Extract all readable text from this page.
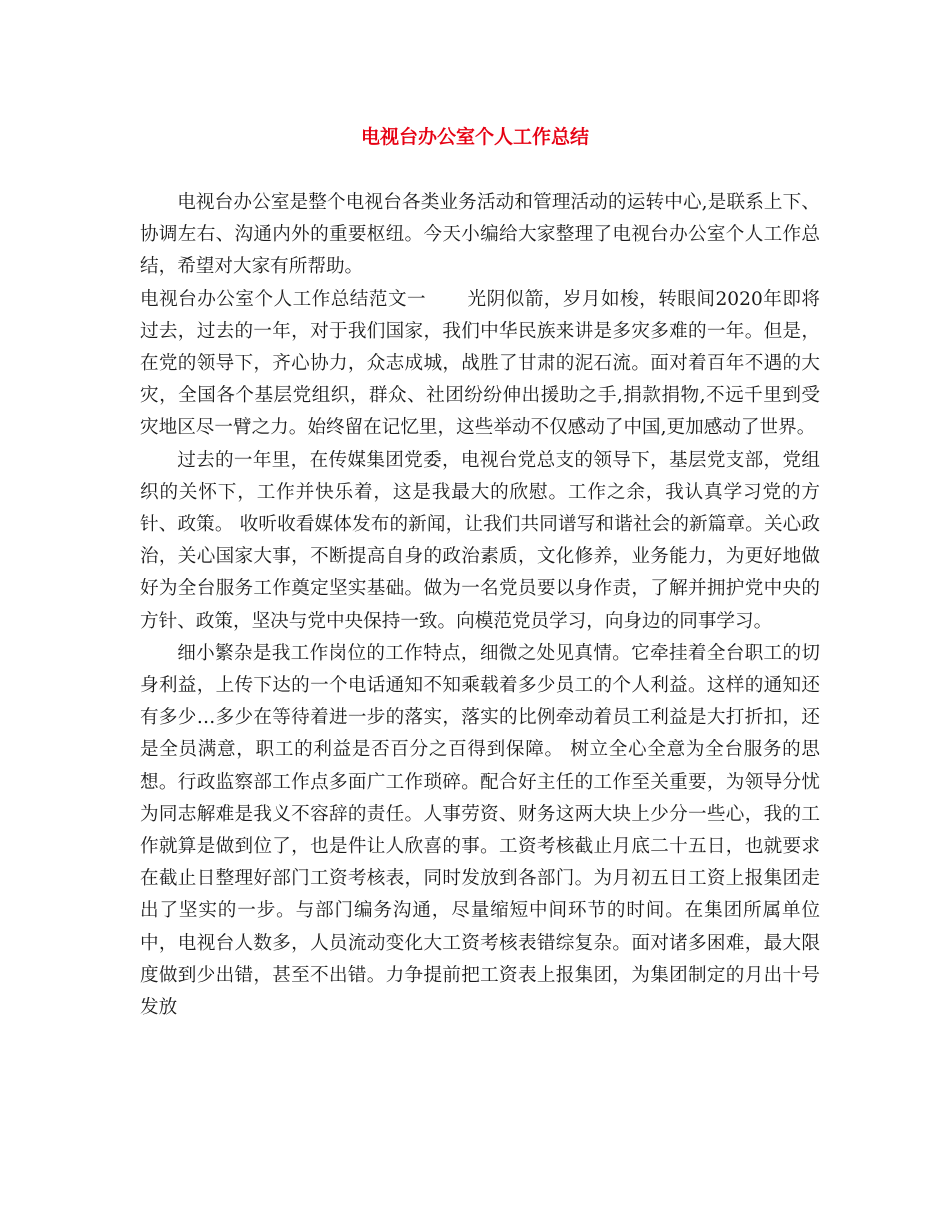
电视台办公室个人工作总结

电视台办公室是整个电视台各类业务活动和管理活动的运转中心,是联系上下、协调左右、沟通内外的重要枢纽。今天小编给大家整理了电视台办公室个人工作总结，希望对大家有所帮助。

电视台办公室个人工作总结范文一 光阴似箭，岁月如梭，转眼间2020年即将过去，过去的一年，对于我们国家，我们中华民族来讲是多灾多难的一年。但是，在党的领导下，齐心协力，众志成城，战胜了甘肃的泥石流。面对着百年不遇的大灾，全国各个基层党组织，群众、社团纷纷伸出援助之手,捐款捐物,不远千里到受灾地区尽一臂之力。始终留在记忆里，这些举动不仅感动了中国,更加感动了世界。

过去的一年里，在传媒集团党委，电视台党总支的领导下，基层党支部，党组织的关怀下，工作并快乐着，这是我最大的欣慰。工作之余，我认真学习党的方针、政策。 收听收看媒体发布的新闻，让我们共同谱写和谐社会的新篇章。关心政治，关心国家大事，不断提高自身的政治素质，文化修养，业务能力，为更好地做好为全台服务工作奠定坚实基础。做为一名党员要以身作责，了解并拥护党中央的方针、政策，坚决与党中央保持一致。向模范党员学习，向身边的同事学习。

细小繁杂是我工作岗位的工作特点，细微之处见真情。它牵挂着全台职工的切身利益，上传下达的一个电话通知不知乘载着多少员工的个人利益。这样的通知还有多少…多少在等待着进一步的落实，落实的比例牵动着员工利益是大打折扣，还是全员满意，职工的利益是否百分之百得到保障。 树立全心全意为全台服务的思想。行政监察部工作点多面广工作琐碎。配合好主任的工作至关重要，为领导分忧为同志解难是我义不容辞的责任。人事劳资、财务这两大块上少分一些心，我的工作就算是做到位了，也是件让人欣喜的事。工资考核截止月底二十五日，也就要求在截止日整理好部门工资考核表，同时发放到各部门。为月初五日工资上报集团走出了坚实的一步。与部门编务沟通，尽量缩短中间环节的时间。在集团所属单位中，电视台人数多，人员流动变化大工资考核表错综复杂。面对诸多困难，最大限度做到少出错，甚至不出错。力争提前把工资表上报集团，为集团制定的月出十号发放
